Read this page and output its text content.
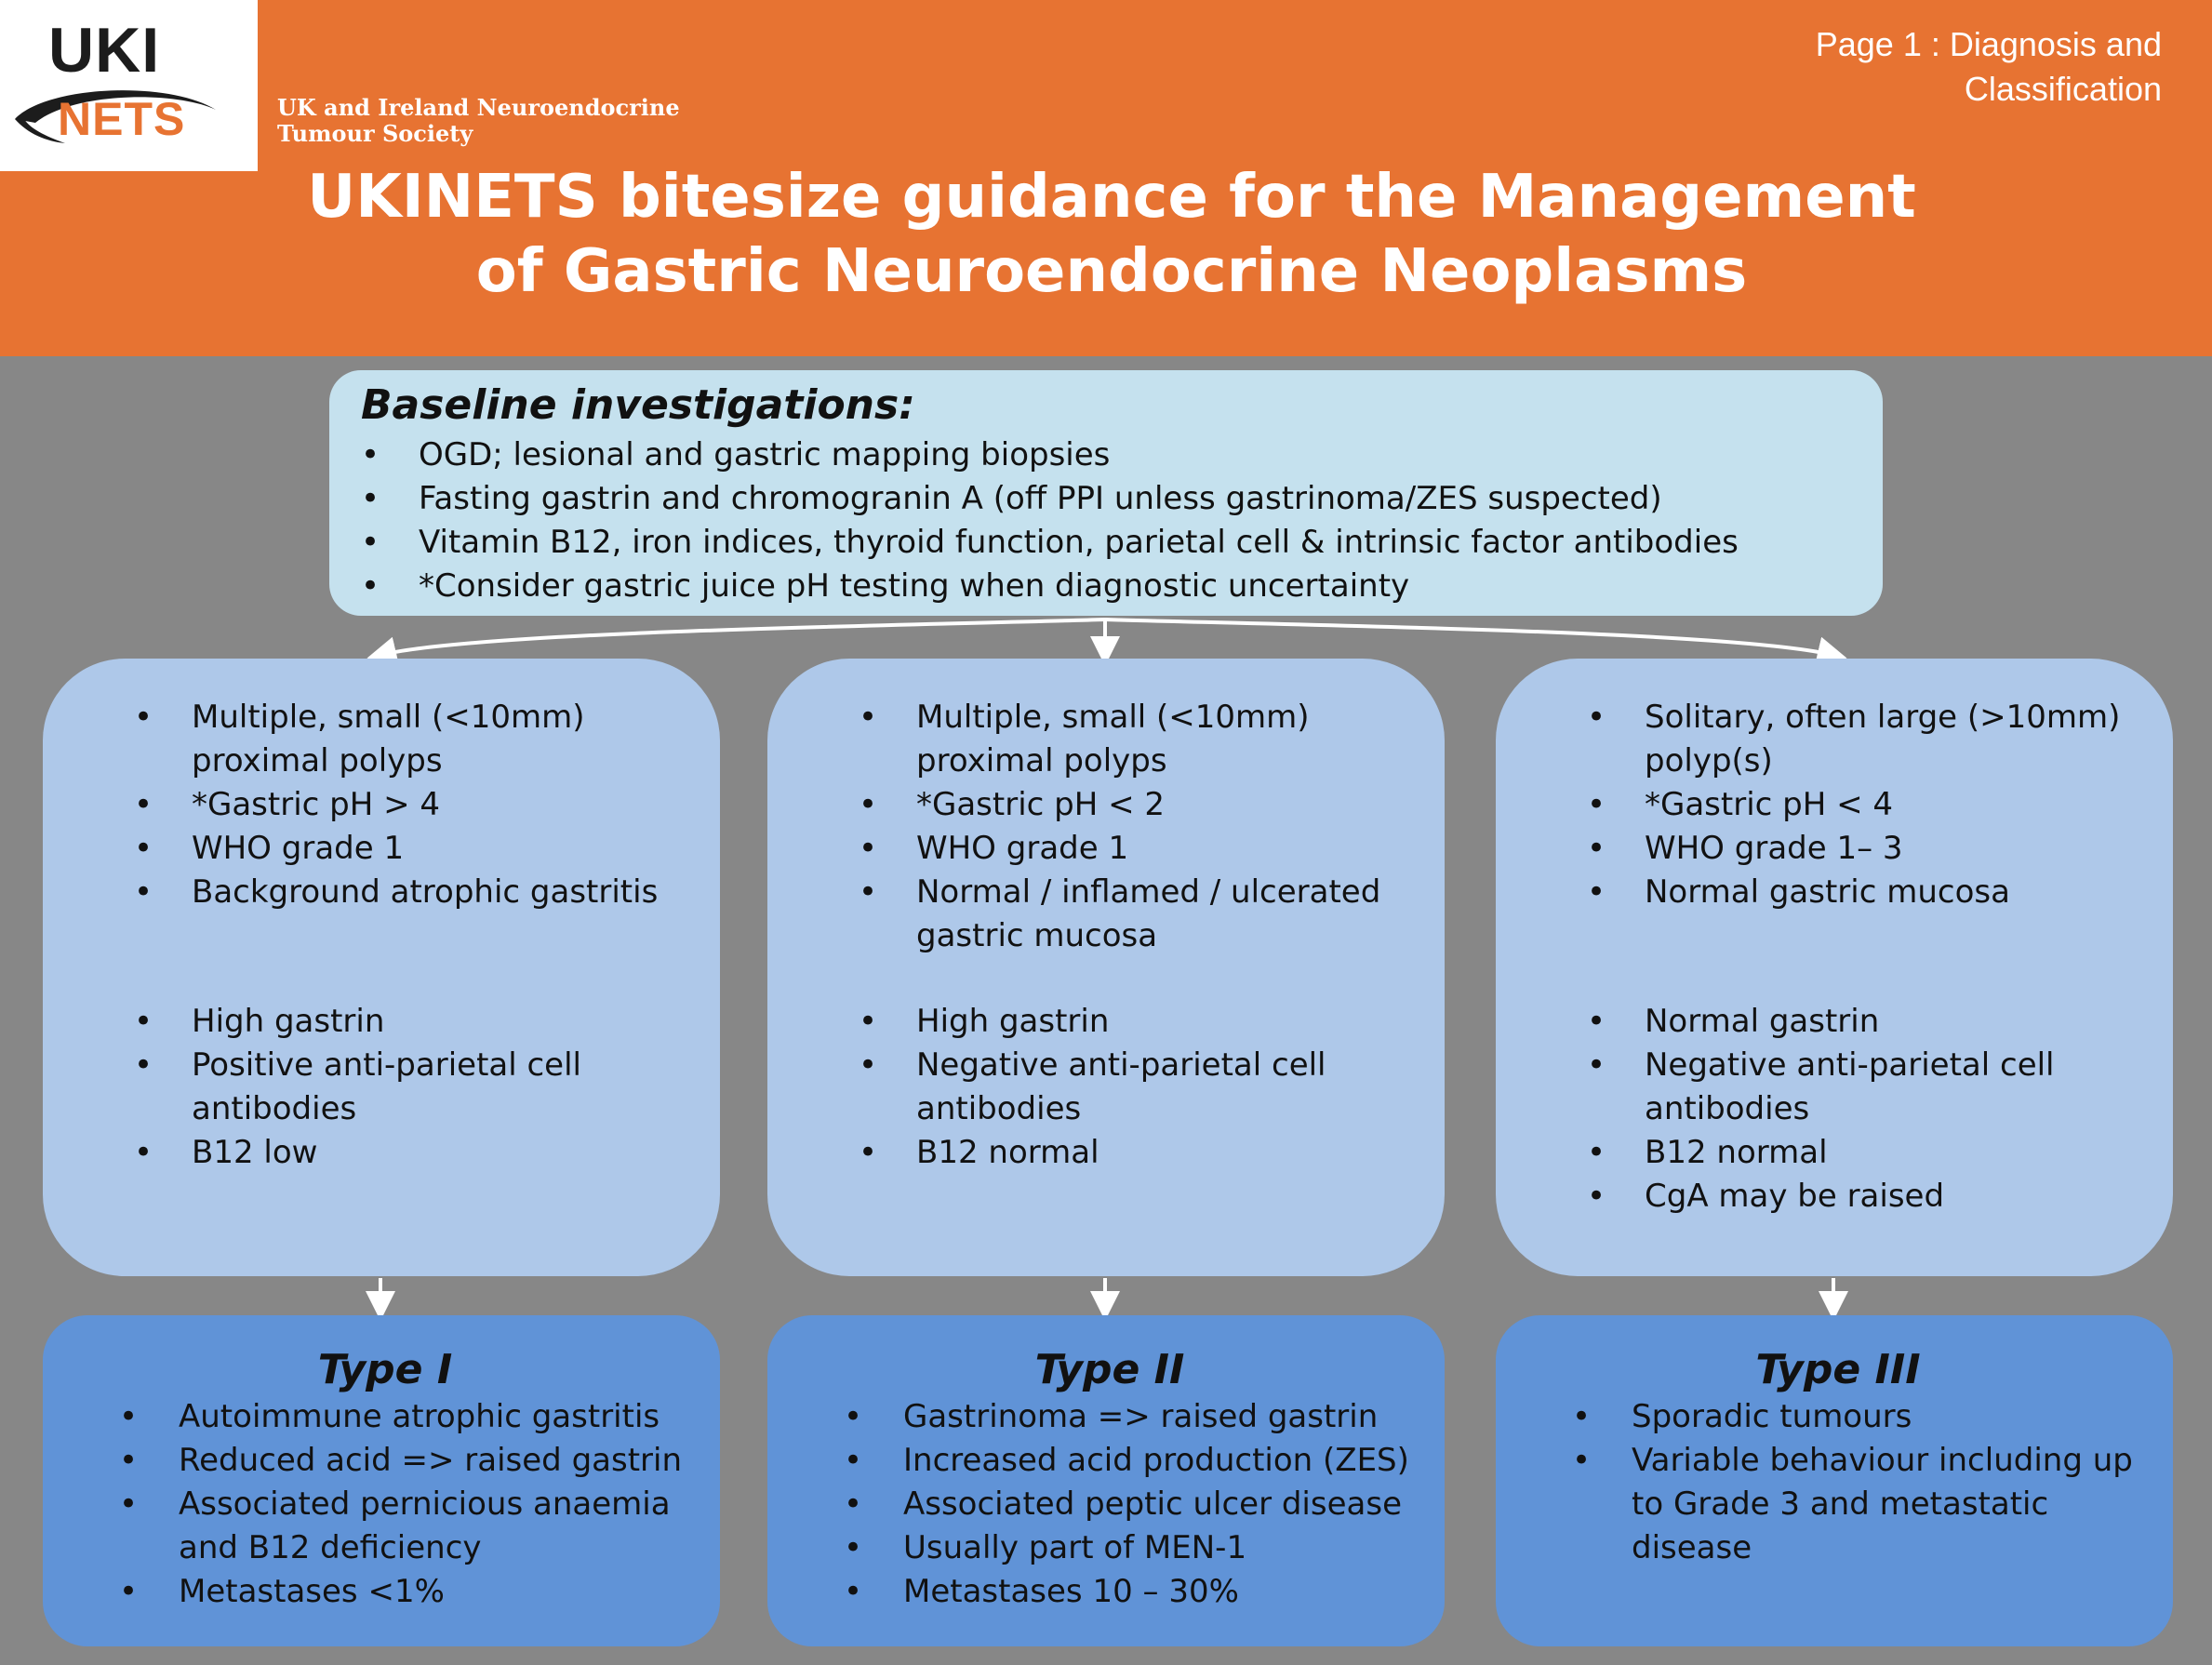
UKI
NETS	UK and Ireland Neuroendocrine
Tumour Society
Page 1 : Diagnosis and
Classification
UKINETS bitesize guidance for the Management
of Gastric Neuroendocrine Neoplasms
Baseline investigations:
• OGD; lesional and gastric mapping biopsies
• Fasting gastrin and chromogranin A (off PPI unless gastrinoma/ZES suspected)
• Vitamin B12, iron indices, thyroid function, parietal cell & intrinsic factor antibodies
• *Consider gastric juice pH testing when diagnostic uncertainty
• Multiple, small (<10mm) proximal polyps
• *Gastric pH > 4
• WHO grade 1
• Background atrophic gastritis
• High gastrin
• Positive anti-parietal cell antibodies
• B12 low
• Multiple, small (<10mm) proximal polyps
• *Gastric pH < 2
• WHO grade 1
• Normal / inflamed / ulcerated gastric mucosa
• High gastrin
• Negative anti-parietal cell antibodies
• B12 normal
• Solitary, often large (>10mm) polyp(s)
• *Gastric pH < 4
• WHO grade 1– 3
• Normal gastric mucosa
• Normal gastrin
• Negative anti-parietal cell antibodies
• B12 normal
• CgA may be raised
Type I
• Autoimmune atrophic gastritis
• Reduced acid => raised gastrin
• Associated pernicious anaemia and B12 deficiency
• Metastases <1%
Type II
• Gastrinoma => raised gastrin
• Increased acid production (ZES)
• Associated peptic ulcer disease
• Usually part of MEN-1
• Metastases 10 – 30%
Type III
• Sporadic tumours
• Variable behaviour including up to Grade 3 and metastatic disease
